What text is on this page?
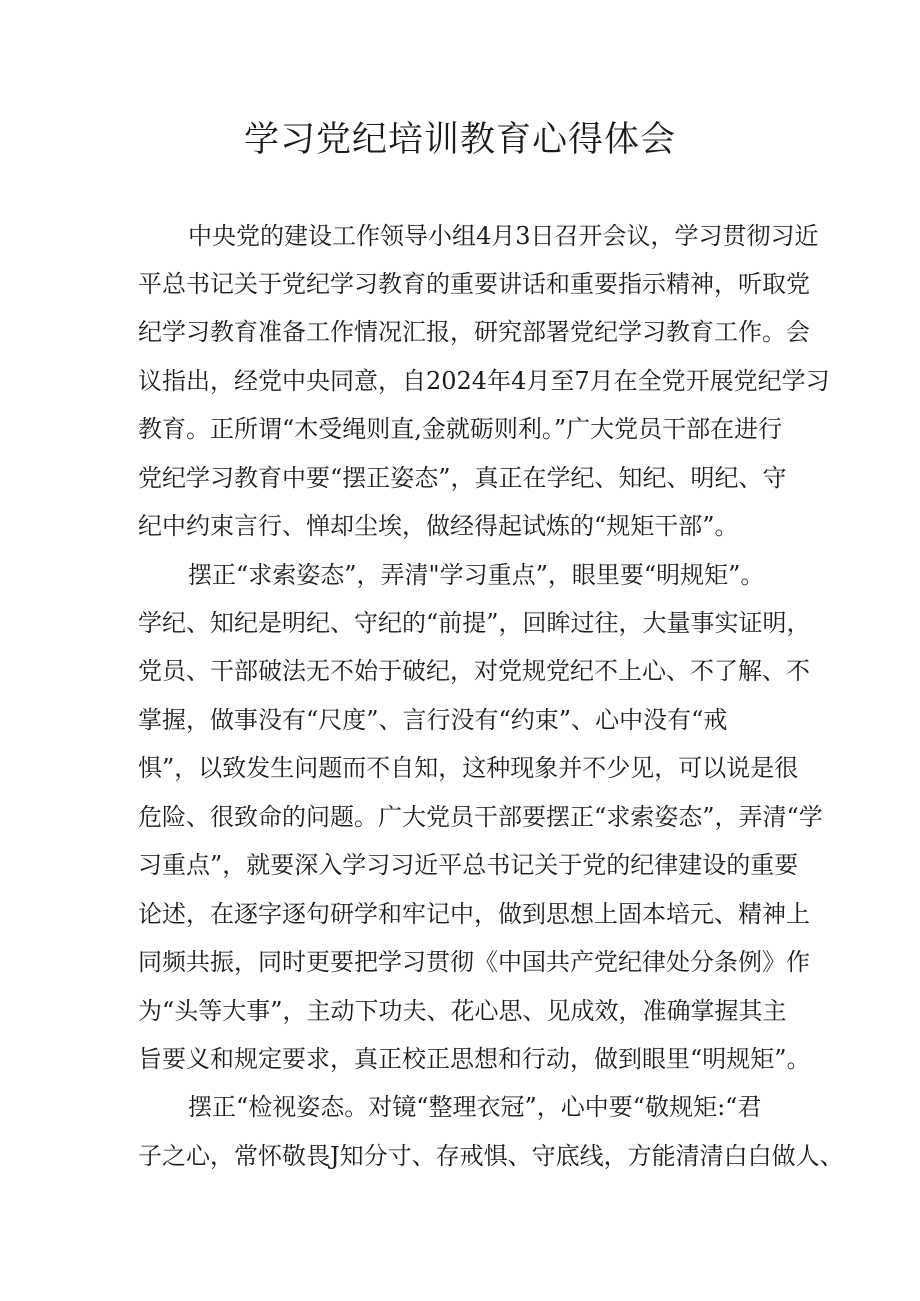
学习党纪培训教育心得体会

中央党的建设工作领导小组4月3日召开会议，学习贯彻习近

平总书记关于党纪学习教育的重要讲话和重要指示精神，听取党

纪学习教育准备工作情况汇报，研究部署党纪学习教育工作。会

议指出，经党中央同意，自2024年4月至7月在全党开展党纪学习

教育。正所谓“木受绳则直,金就砺则利。”广大党员干部在进行

党纪学习教育中要“摆正姿态”，真正在学纪、知纪、明纪、守

纪中约束言行、惮却尘埃，做经得起试炼的“规矩干部”。

摆正“求索姿态”，弄清"学习重点”，眼里要“明规矩”。

学纪、知纪是明纪、守纪的“前提”，回眸过往，大量事实证明，

党员、干部破法无不始于破纪，对党规党纪不上心、不了解、不

掌握，做事没有“尺度”、言行没有“约束”、心中没有“戒

惧”，以致发生问题而不自知，这种现象并不少见，可以说是很

危险、很致命的问题。广大党员干部要摆正“求索姿态”，弄清“学

习重点”，就要深入学习习近平总书记关于党的纪律建设的重要

论述，在逐字逐句研学和牢记中，做到思想上固本培元、精神上

同频共振，同时更要把学习贯彻《中国共产党纪律处分条例》作

为“头等大事”，主动下功夫、花心思、见成效，准确掌握其主

旨要义和规定要求，真正校正思想和行动，做到眼里“明规矩”。

摆正“检视姿态。对镜“整理衣冠”，心中要“敬规矩:“君

子之心，常怀敬畏J知分寸、存戒惧、守底线，方能清清白白做人、
